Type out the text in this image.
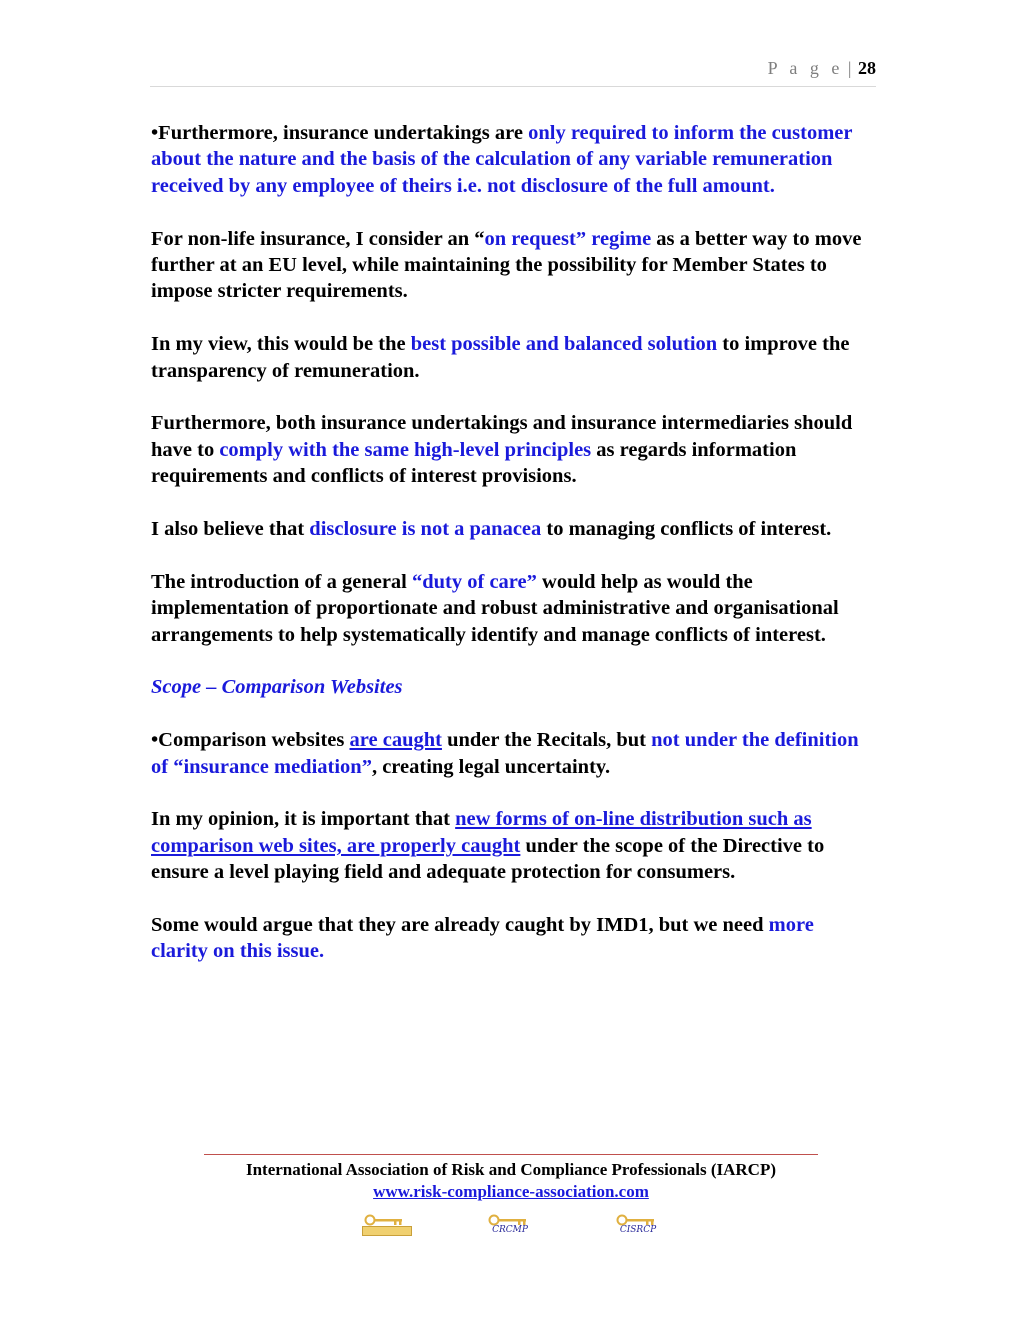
P a g e | 28

•Furthermore, insurance undertakings are only required to inform the customer about the nature and the basis of the calculation of any variable remuneration received by any employee of theirs i.e. not disclosure of the full amount.

For non-life insurance, I consider an “on request” regime as a better way to move further at an EU level, while maintaining the possibility for Member States to impose stricter requirements.

In my view, this would be the best possible and balanced solution to improve the transparency of remuneration.

Furthermore, both insurance undertakings and insurance intermediaries should have to comply with the same high-level principles as regards information requirements and conflicts of interest provisions.

I also believe that disclosure is not a panacea to managing conflicts of interest.

The introduction of a general “duty of care” would help as would the implementation of proportionate and robust administrative and organisational arrangements to help systematically identify and manage conflicts of interest.

Scope – Comparison Websites

•Comparison websites are caught under the Recitals, but not under the definition of “insurance mediation”, creating legal uncertainty.

In my opinion, it is important that new forms of on-line distribution such as comparison web sites, are properly caught under the scope of the Directive to ensure a level playing field and adequate protection for consumers.

Some would argue that they are already caught by IMD1, but we need more clarity on this issue.

International Association of Risk and Compliance Professionals (IARCP)
www.risk-compliance-association.com
CRCMP	CISRCP
